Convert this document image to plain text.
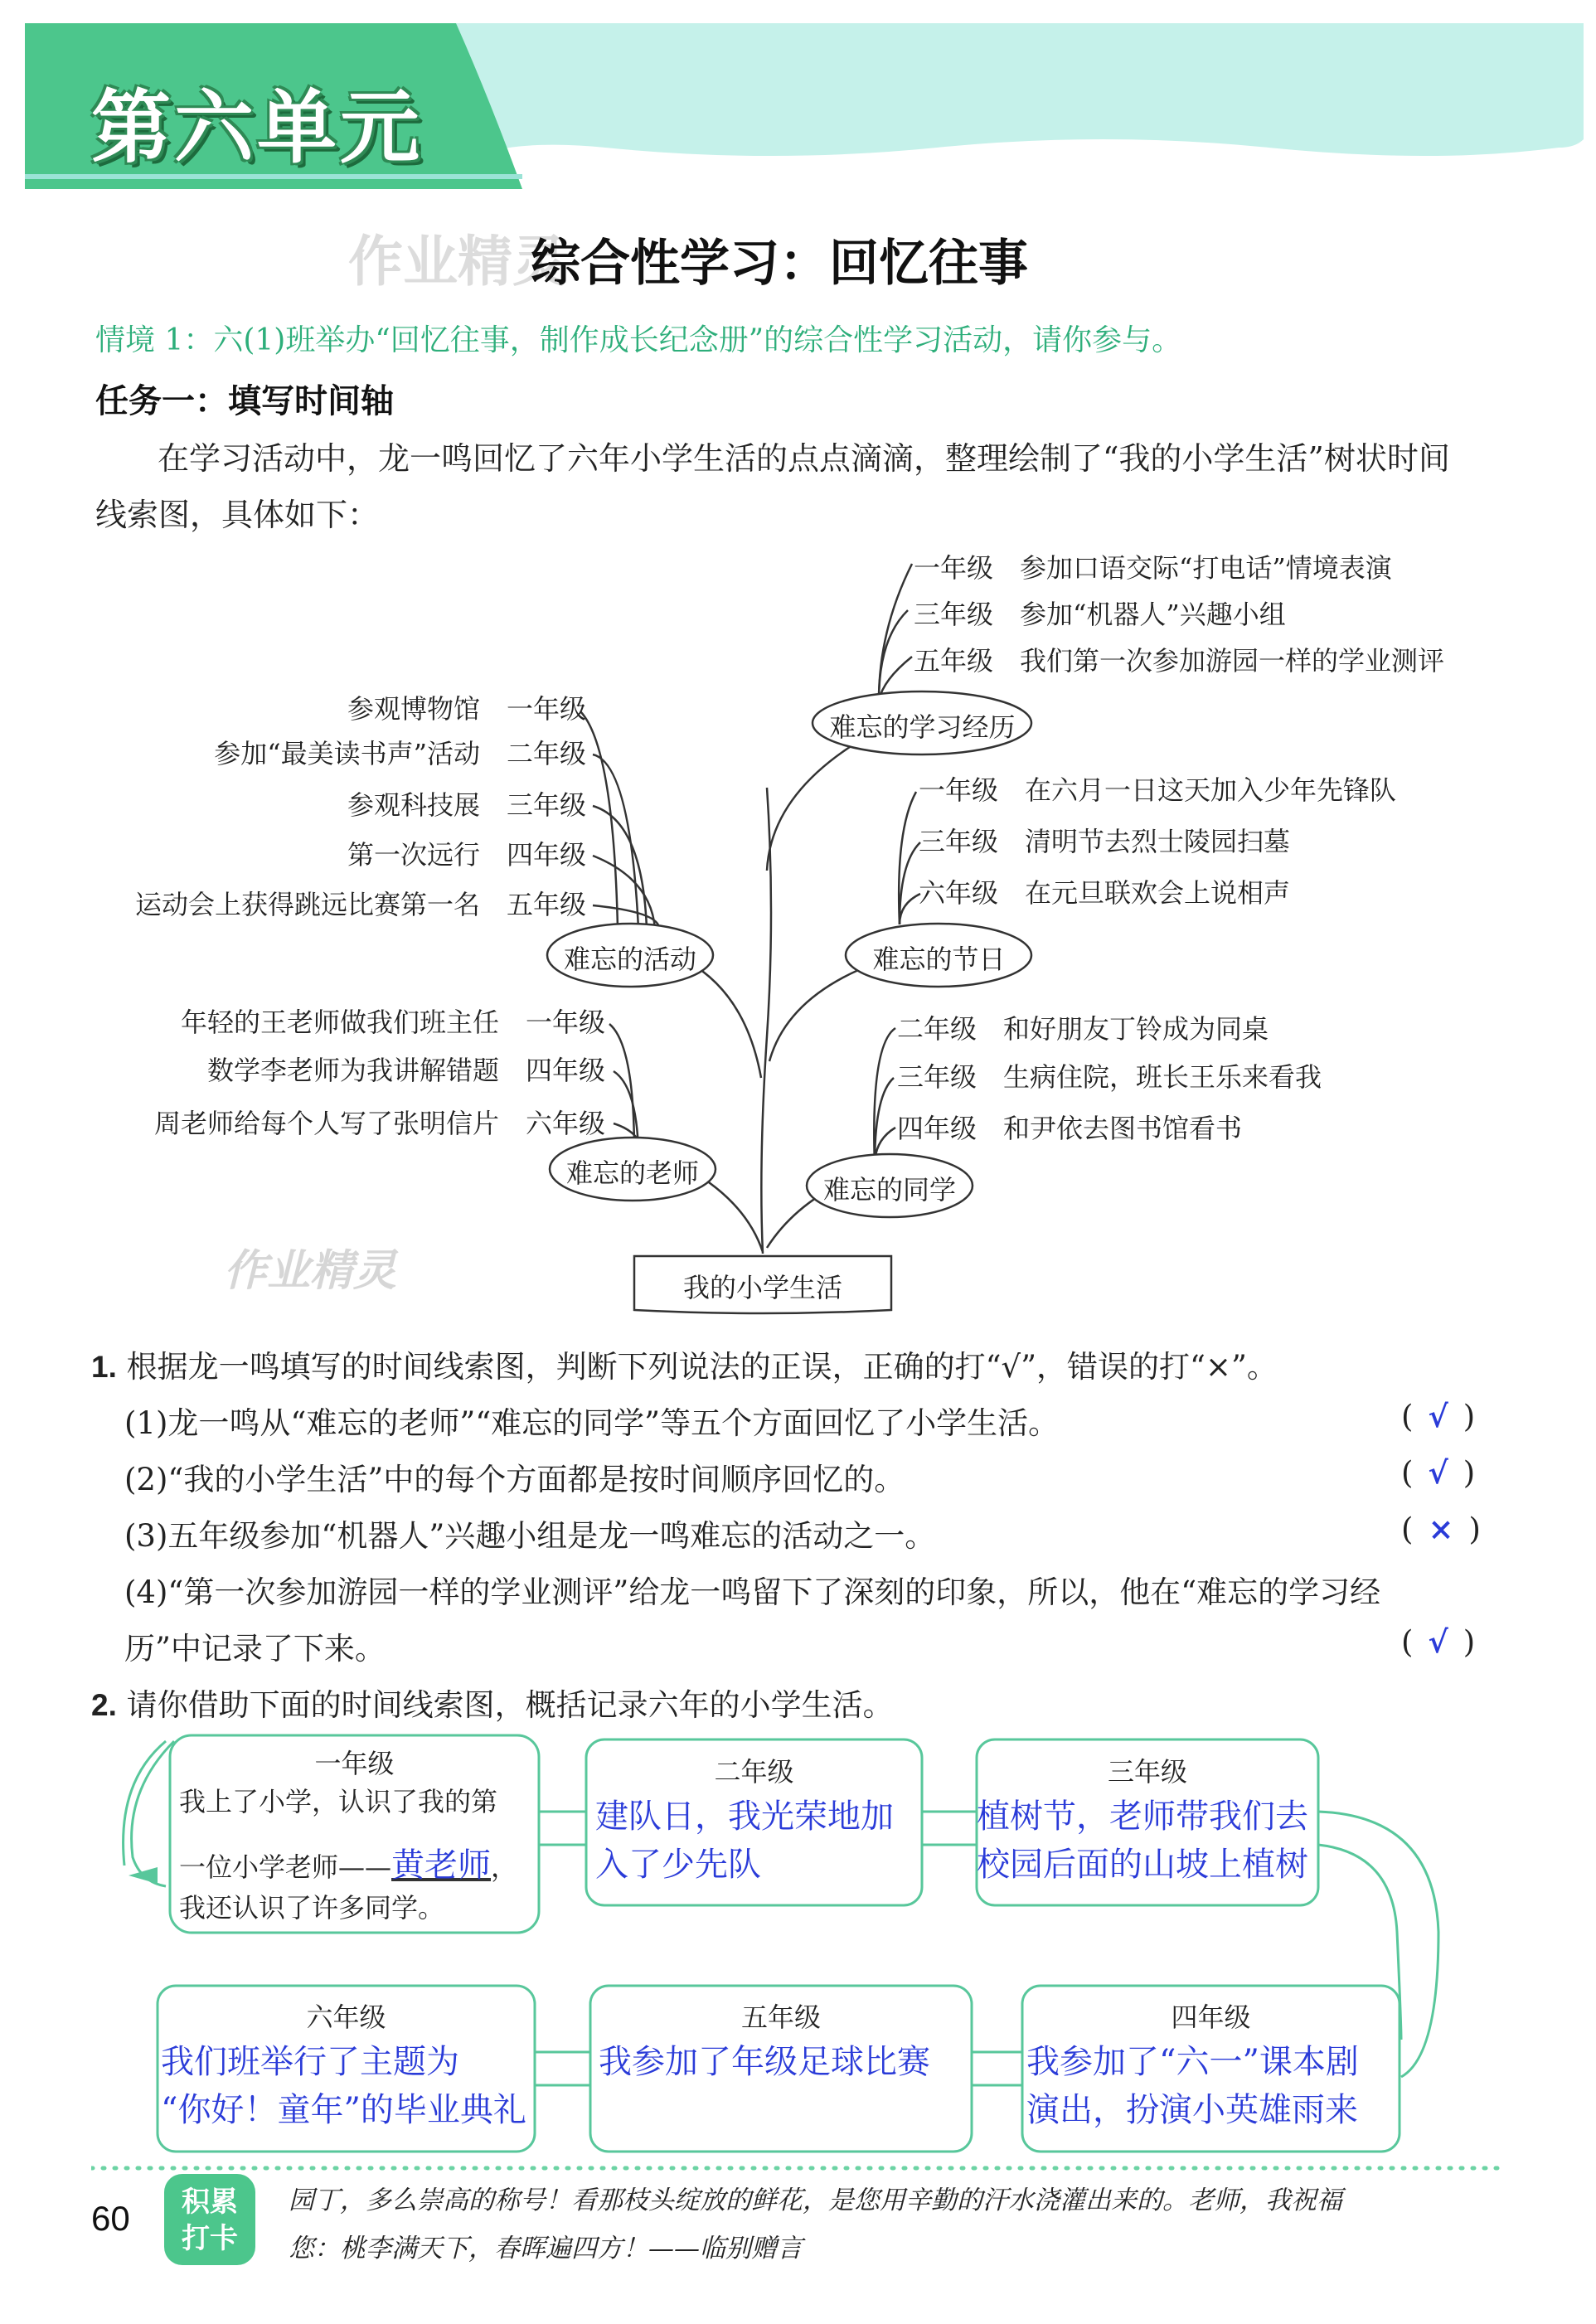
第六单元
作业精灵
综合性学习：回忆往事
情境 1：六(1)班举办“回忆往事，制作成长纪念册”的综合性学习活动，请你参与。
任务一：填写时间轴
在学习活动中，龙一鸣回忆了六年小学生活的点点滴滴，整理绘制了“我的小学生活”树状时间
线索图，具体如下：
难忘的学习经历
难忘的活动	难忘的节日
难忘的老师
难忘的同学
我的小学生活
一年级　参加口语交际“打电话”情境表演
三年级　参加“机器人”兴趣小组
五年级　我们第一次参加游园一样的学业测评
参观博物馆　一年级
参加“最美读书声”活动　二年级
参观科技展　三年级
第一次远行　四年级
运动会上获得跳远比赛第一名　五年级
一年级　在六月一日这天加入少年先锋队
三年级　清明节去烈士陵园扫墓
六年级　在元旦联欢会上说相声
年轻的王老师做我们班主任　一年级
数学李老师为我讲解错题　四年级
周老师给每个人写了张明信片　六年级
二年级　和好朋友丁铃成为同桌
三年级　生病住院，班长王乐来看我
四年级　和尹依去图书馆看书
作业精灵
1. 根据龙一鸣填写的时间线索图，判断下列说法的正误，正确的打“√”，错误的打“×”。
(1)龙一鸣从“难忘的老师”“难忘的同学”等五个方面回忆了小学生活。	( √ )
(2)“我的小学生活”中的每个方面都是按时间顺序回忆的。	( √ )
(3)五年级参加“机器人”兴趣小组是龙一鸣难忘的活动之一。	( × )
(4)“第一次参加游园一样的学业测评”给龙一鸣留下了深刻的印象，所以，他在“难忘的学习经
历”中记录了下来。	( √ )
2. 请你借助下面的时间线索图，概括记录六年的小学生活。
一年级
我上了小学，认识了我的第
一位小学老师——黄老师，
我还认识了许多同学。
二年级
建队日，我光荣地加
入了少先队
三年级
植树节，老师带我们去
校园后面的山坡上植树
六年级
我们班举行了主题为
“你好！童年”的毕业典礼
五年级
我参加了年级足球比赛
四年级
我参加了“六一”课本剧
演出，扮演小英雄雨来
60	积累
打卡
园丁，多么崇高的称号！看那枝头绽放的鲜花，是您用辛勤的汗水浇灌出来的。老师，我祝福
您：桃李满天下，春晖遍四方！——临别赠言
